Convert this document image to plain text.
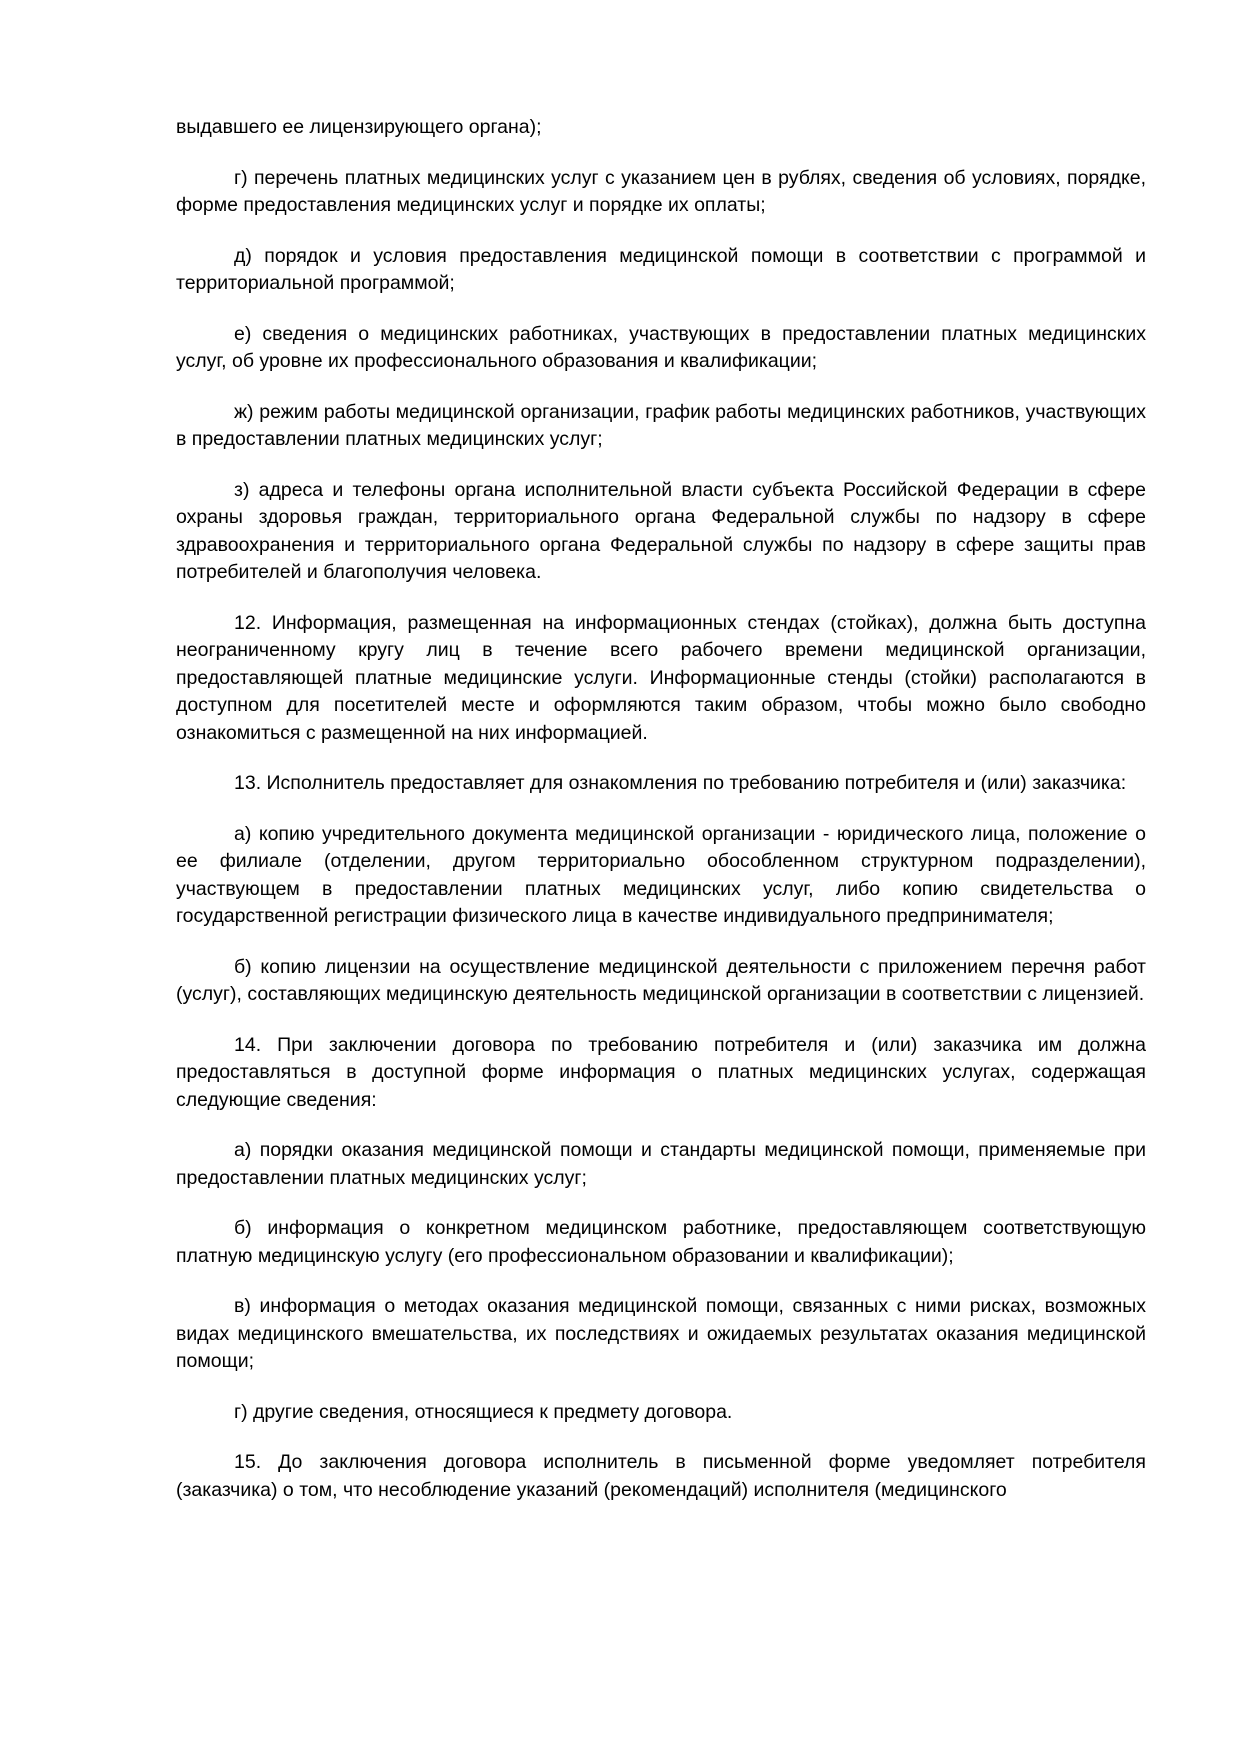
выдавшего ее лицензирующего органа);

г) перечень платных медицинских услуг с указанием цен в рублях, сведения об условиях, порядке, форме предоставления медицинских услуг и порядке их оплаты;

д) порядок и условия предоставления медицинской помощи в соответствии с программой и территориальной программой;

е) сведения о медицинских работниках, участвующих в предоставлении платных медицинских услуг, об уровне их профессионального образования и квалификации;

ж) режим работы медицинской организации, график работы медицинских работников, участвующих в предоставлении платных медицинских услуг;

з) адреса и телефоны органа исполнительной власти субъекта Российской Федерации в сфере охраны здоровья граждан, территориального органа Федеральной службы по надзору в сфере здравоохранения и территориального органа Федеральной службы по надзору в сфере защиты прав потребителей и благополучия человека.

12. Информация, размещенная на информационных стендах (стойках), должна быть доступна неограниченному кругу лиц в течение всего рабочего времени медицинской организации, предоставляющей платные медицинские услуги. Информационные стенды (стойки) располагаются в доступном для посетителей месте и оформляются таким образом, чтобы можно было свободно ознакомиться с размещенной на них информацией.

13. Исполнитель предоставляет для ознакомления по требованию потребителя и (или) заказчика:

а) копию учредительного документа медицинской организации - юридического лица, положение о ее филиале (отделении, другом территориально обособленном структурном подразделении), участвующем в предоставлении платных медицинских услуг, либо копию свидетельства о государственной регистрации физического лица в качестве индивидуального предпринимателя;

б) копию лицензии на осуществление медицинской деятельности с приложением перечня работ (услуг), составляющих медицинскую деятельность медицинской организации в соответствии с лицензией.

14. При заключении договора по требованию потребителя и (или) заказчика им должна предоставляться в доступной форме информация о платных медицинских услугах, содержащая следующие сведения:

а) порядки оказания медицинской помощи и стандарты медицинской помощи, применяемые при предоставлении платных медицинских услуг;

б) информация о конкретном медицинском работнике, предоставляющем соответствующую платную медицинскую услугу (его профессиональном образовании и квалификации);

в) информация о методах оказания медицинской помощи, связанных с ними рисках, возможных видах медицинского вмешательства, их последствиях и ожидаемых результатах оказания медицинской помощи;

г) другие сведения, относящиеся к предмету договора.

15. До заключения договора исполнитель в письменной форме уведомляет потребителя (заказчика) о том, что несоблюдение указаний (рекомендаций) исполнителя (медицинского
